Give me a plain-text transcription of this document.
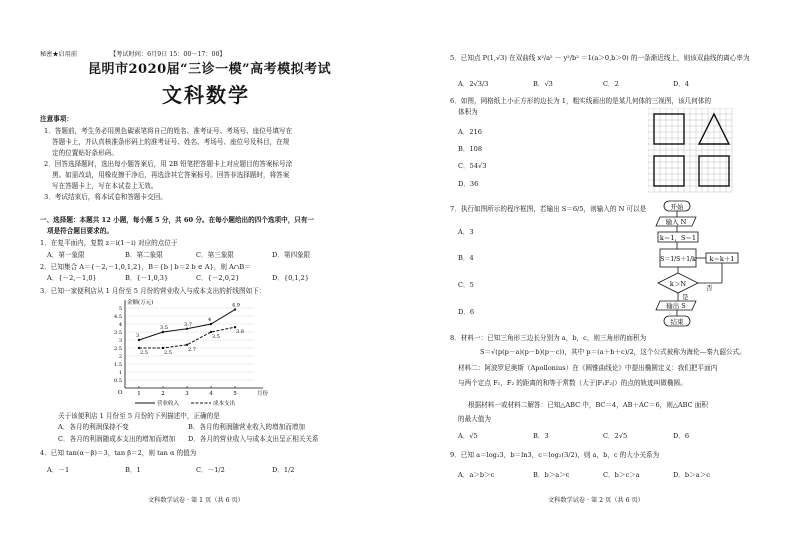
秘密★启用前	【考试时间：6月9日 15：00－17：00】
昆明市2020届“三诊一模”高考模拟考试
文科数学
注意事项：
1．答题前，考生务必用黑色碳素笔将自己的姓名、准考证号、考场号、座位号填写在
答题卡上，并认真核准条形码上的准考证号、姓名、考场号、座位号及科目，在规
定的位置贴好条形码。
2．回答选择题时，选出每小题答案后，用 2B 铅笔把答题卡上对应题目的答案标号涂
黑。如需改动，用橡皮擦干净后，再选涂其它答案标号。回答非选择题时，将答案
写在答题卡上，写在本试卷上无效。
3．考试结束后，将本试卷和答题卡交回。
一、选择题：本题共 12 小题，每小题 5 分，共 60 分。在每小题给出的四个选项中，只有一
项是符合题目要求的。
1．在复平面内，复数 z＝i(1－i) 对应的点位于
A．第一象限	B．第二象限	C．第三象限	D．第四象限
2．已知集合 A＝{－2,－1,0,1,2}，B＝{b | b＝2 b ∈ A}，则 A∩B＝
A．{－2,－1,0}	B．{－1,0,3}	C．{－2,0,2}	D．{0,1,2}
3．已知一家便利店从 1 月份至 5 月份的营业收入与成本支出的折线图如下：
0.5
1
1.5
2
2.5
3
3.5
4
4.5
5
O
金额(万元)
月份
1	2	3	4	5
3
3.5
3.7
4
4.9
2.5	2.5
2.7
3.5
3.8
营业收入	成本支出
关于该便利店 1 月份至 5 月份的下列描述中，正确的是
A．各月的利润保持不变	B．各月的利润随营业收入的增加而增加
C．各月的利润随成本支出的增加而增加 D．各月的营业收入与成本支出呈正相关关系
4．已知 tan(α－β)＝3，tan β＝2，则 tan α 的值为
A．－1	B．1	C．－1/2	D．1/2
文科数学试卷 · 第 1 页（共 6 页）
5．已知点 P(1,√3) 在双曲线 x²/a² － y²/b² ＝1(a＞0,b＞0) 的一条渐近线上，则该双曲线的离心率为
A．2√3/3	B．√3	C．2	D．4
6．如图，网格纸上小正方形的边长为 1，粗实线画出的是某几何体的三视图，该几何体的
体积为
A．216
B．108
C．54√3
D．36
7．执行如图所示的程序框图，若输出 S＝6/5，则输入的 N 可以是
A．3
B．4
C．5
D．6
开始
输入 N
k＝1，S＝1
S＝1/S＋1/k k＝k＋1
k＞N
是
否
输出 S
结束
8．材料一：已知三角形三边长分别为 a，b，c，则三角形的面积为
S＝√(p(p－a)(p－b)(p－c))，其中 p＝(a＋b＋c)/2，这个公式被称为海伦—秦九韶公式。
材料二：阿波罗尼奥斯（Apollonius）在《圆锥曲线论》中提出椭圆定义：我们把平面内
与两个定点 F₁，F₂ 的距离的和等于常数（大于|F₁F₂|）的点的轨迹叫做椭圆。
根据材料一或材料二解答：已知△ABC 中，BC＝4，AB＋AC＝6，则△ABC 面积
的最大值为
A．√5	B．3	C．2√5	D．6
9．已知 a＝log₂3，b＝ln3，c＝log₂(3/2)，则 a，b，c 的大小关系为
A．a＞b＞c	B．b＞a＞c	C．b＞c＞a	D．b＞a＞c
文科数学试卷 · 第 2 页（共 6 页）
